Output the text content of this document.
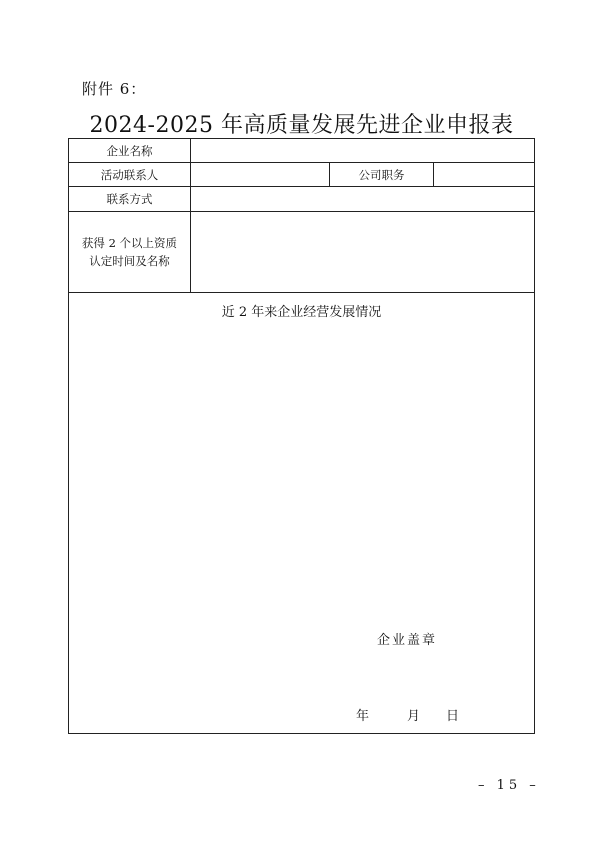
附件 6：
2024-2025 年高质量发展先进企业申报表
企业名称
活动联系人	公司职务
联系方式
获得 2 个以上资质
认定时间及名称
近 2 年来企业经营发展情况
企业盖章
年	月 日
– 15 –
